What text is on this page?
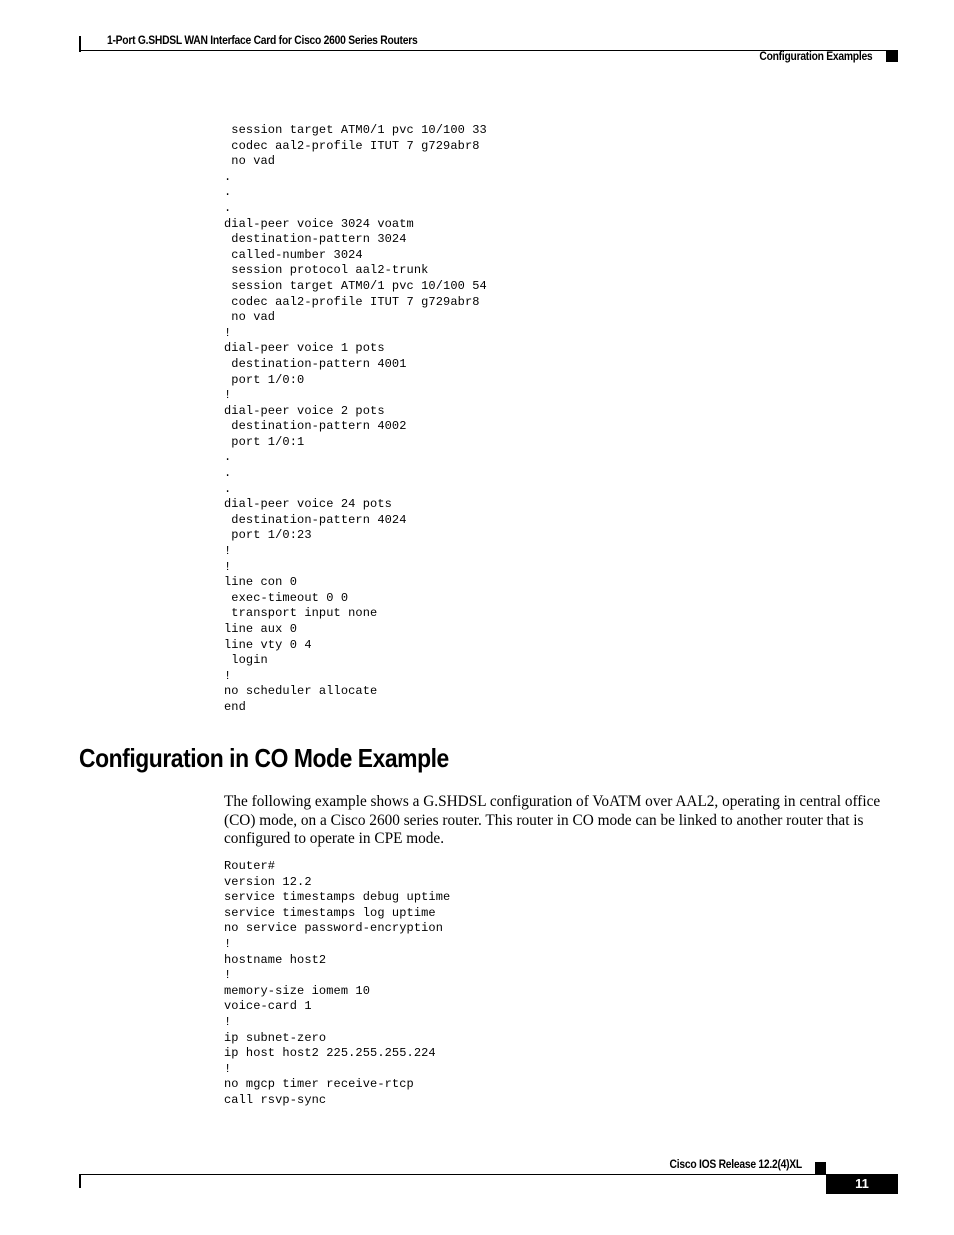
1-Port G.SHDSL WAN Interface Card for Cisco 2600 Series Routers
Configuration Examples
session target ATM0/1 pvc 10/100 33
codec aal2-profile ITUT 7 g729abr8
no vad
.
.
.
dial-peer voice 3024 voatm
destination-pattern 3024
called-number 3024
session protocol aal2-trunk
session target ATM0/1 pvc 10/100 54
codec aal2-profile ITUT 7 g729abr8
no vad
!
dial-peer voice 1 pots
destination-pattern 4001
port 1/0:0
!
dial-peer voice 2 pots
destination-pattern 4002
port 1/0:1
.
.
.
dial-peer voice 24 pots
destination-pattern 4024
port 1/0:23
!
!
line con 0
exec-timeout 0 0
transport input none
line aux 0
line vty 0 4
login
!
no scheduler allocate
end
Configuration in CO Mode Example

The following example shows a G.SHDSL configuration of VoATM over AAL2, operating in central office (CO) mode, on a Cisco 2600 series router. This router in CO mode can be linked to another router that is configured to operate in CPE mode.

Router#
version 12.2
service timestamps debug uptime
service timestamps log uptime
no service password-encryption
!
hostname host2
!
memory-size iomem 10
voice-card 1
!
ip subnet-zero
ip host host2 225.255.255.224
!
no mgcp timer receive-rtcp
call rsvp-sync
Cisco IOS Release 12.2(4)XL
11
